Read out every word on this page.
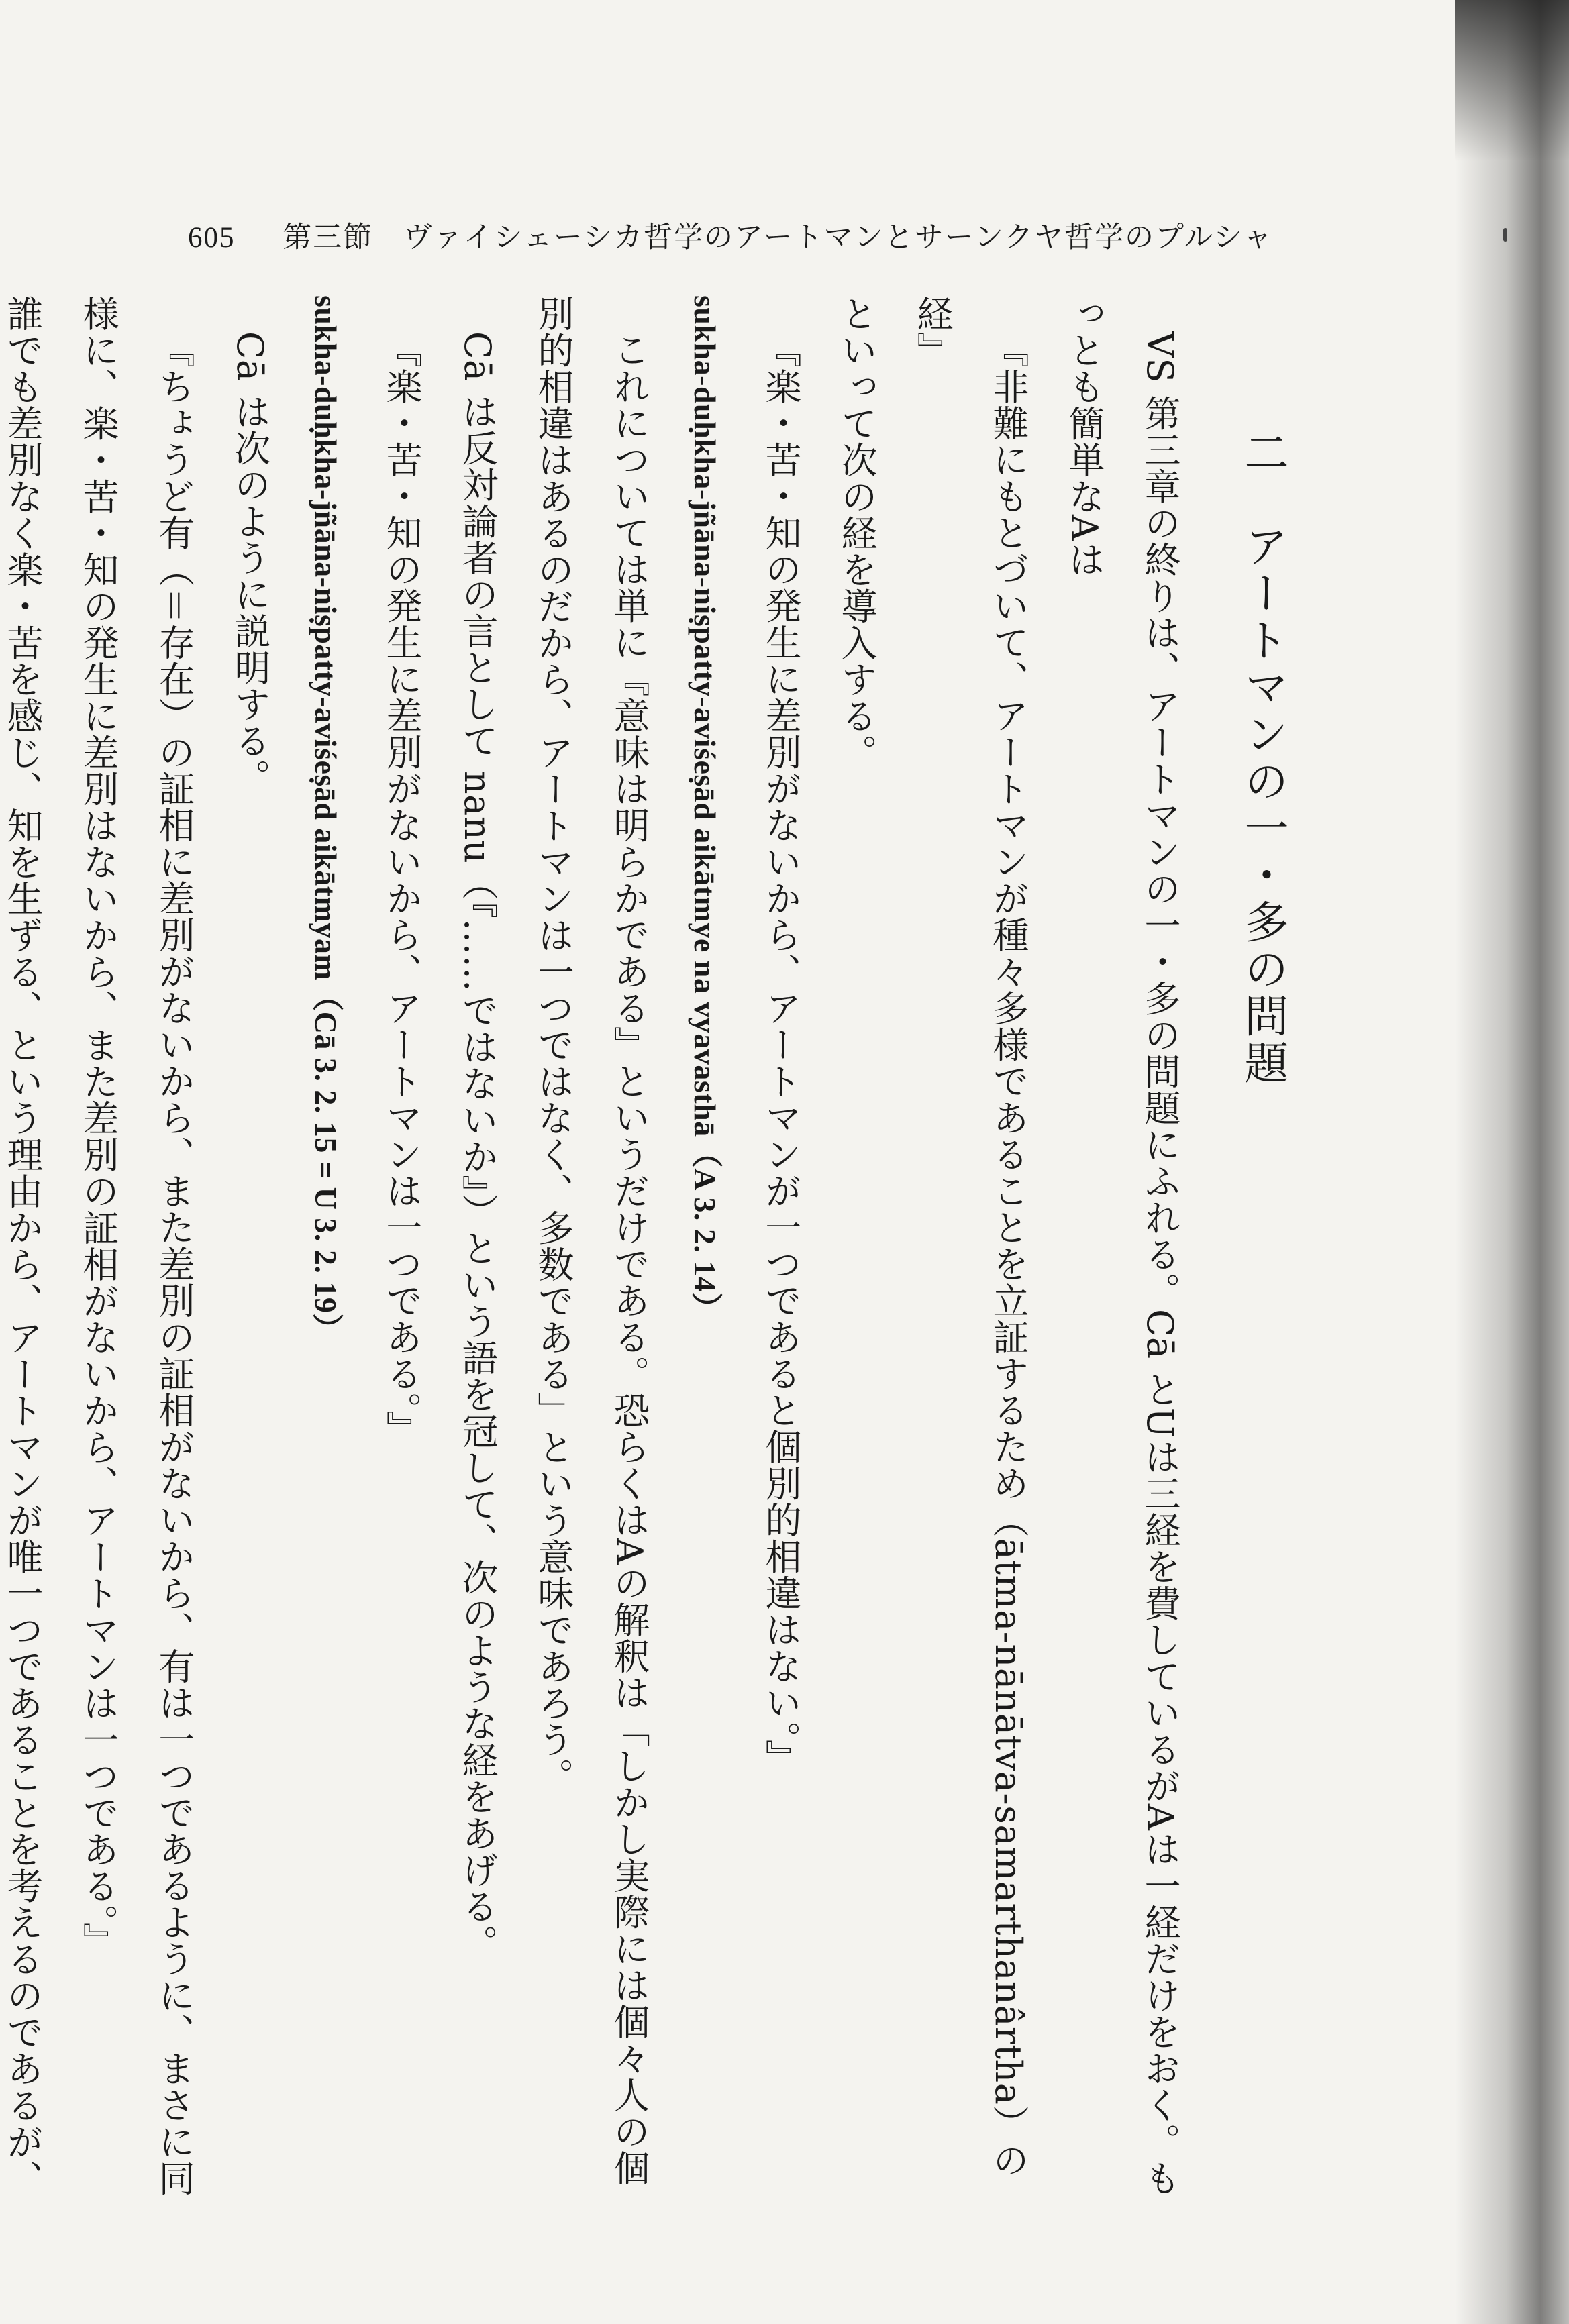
605 第三節　ヴァイシェーシカ哲学のアートマンとサーンクヤ哲学のプルシャ

二　アートマンの一・多の問題

VS 第三章の終りは、アートマンの一・多の問題にふれる。Cā とUは三経を費しているがAは一経だけをおく。もっとも簡単なAは

『非難にもとづいて、アートマンが種々多様であることを立証するため（ātma-nānātva-samarthanârtha）の経』

といって次の経を導入する。

『楽・苦・知の発生に差別がないから、アートマンが一つであると個別的相違はない。』

sukha-duḥkha-jñāna-niṣpatty-aviśeṣād aikātmye na vyavasthā（A 3. 2. 14）

これについては単に『意味は明らかである』というだけである。恐らくはAの解釈は「しかし実際には個々人の個別的相違はあるのだから、アートマンは一つではなく、多数である」という意味であろう。

Cā は反対論者の言として nanu（『……ではないか』）という語を冠して、次のような経をあげる。

『楽・苦・知の発生に差別がないから、アートマンは一つである。』

sukha-duḥkha-jñāna-niṣpatty-aviśeṣād aikātmyam（Cā 3. 2. 15 = U 3. 2. 19）

Cā は次のように説明する。

『ちょうど有（＝存在）の証相に差別がないから、また差別の証相がないから、有は一つであるように、まさに同様に、楽・苦・知の発生に差別はないから、また差別の証相がないから、アートマンは一つである。』

誰でも差別なく楽・苦を感じ、知を生ずる、という理由から、アートマンが唯一つであることを考えるのであるが、
